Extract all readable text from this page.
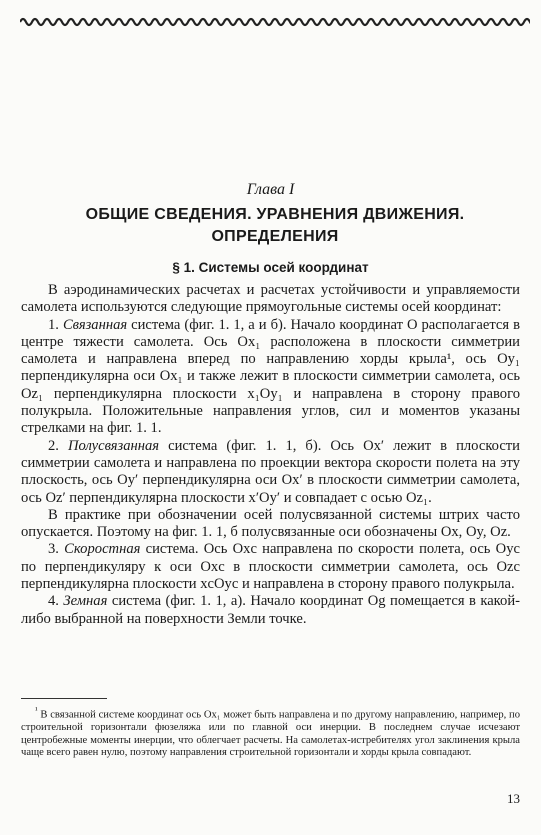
Глава I
ОБЩИЕ СВЕДЕНИЯ. УРАВНЕНИЯ ДВИЖЕНИЯ.
ОПРЕДЕЛЕНИЯ
§ 1. Системы осей координат

В аэродинамических расчетах и расчетах устойчивости и управляемости самолета используются следующие прямоугольные системы осей координат:

1. Связанная система (фиг. 1. 1, а и б). Начало координат О располагается в центре тяжести самолета. Ось Ox₁ расположена в плоскости симметрии самолета и направлена вперед по направлению хорды крыла¹, ось Oy₁ перпендикулярна оси Ox₁ и также лежит в плоскости симметрии самолета, ось Oz₁ перпендикулярна плоскости x₁Oy₁ и направлена в сторону правого полукрыла. Положительные направления углов, сил и моментов указаны стрелками на фиг. 1. 1.

2. Полусвязанная система (фиг. 1. 1, б). Ось Ox′ лежит в плоскости симметрии самолета и направлена по проекции вектора скорости полета на эту плоскость, ось Oy′ перпендикулярна оси Ox′ в плоскости симметрии самолета, ось Oz′ перпендикулярна плоскости x′Oy′ и совпадает с осью Oz₁.

В практике при обозначении осей полусвязанной системы штрих часто опускается. Поэтому на фиг. 1. 1, б полусвязанные оси обозначены Ox, Oy, Oz.

3. Скоростная система. Ось Oxc направлена по скорости полета, ось Oyc по перпендикуляру к оси Oxc в плоскости симметрии самолета, ось Ozc перпендикулярна плоскости xcOyc и направлена в сторону правого полукрыла.

4. Земная система (фиг. 1. 1, а). Начало координат Og помещается в какой-либо выбранной на поверхности Земли точке.

$^{^1}$ В связанной системе координат ось Ox₁ может быть направлена и по другому направлению, например, по строительной горизонтали фюзеляжа или по главной оси инерции. В последнем случае исчезают центробежные моменты инерции, что облегчает расчеты. На самолетах-истребителях угол заклинения крыла чаще всего равен нулю, поэтому направления строительной горизонтали и хорды крыла совпадают.

13
